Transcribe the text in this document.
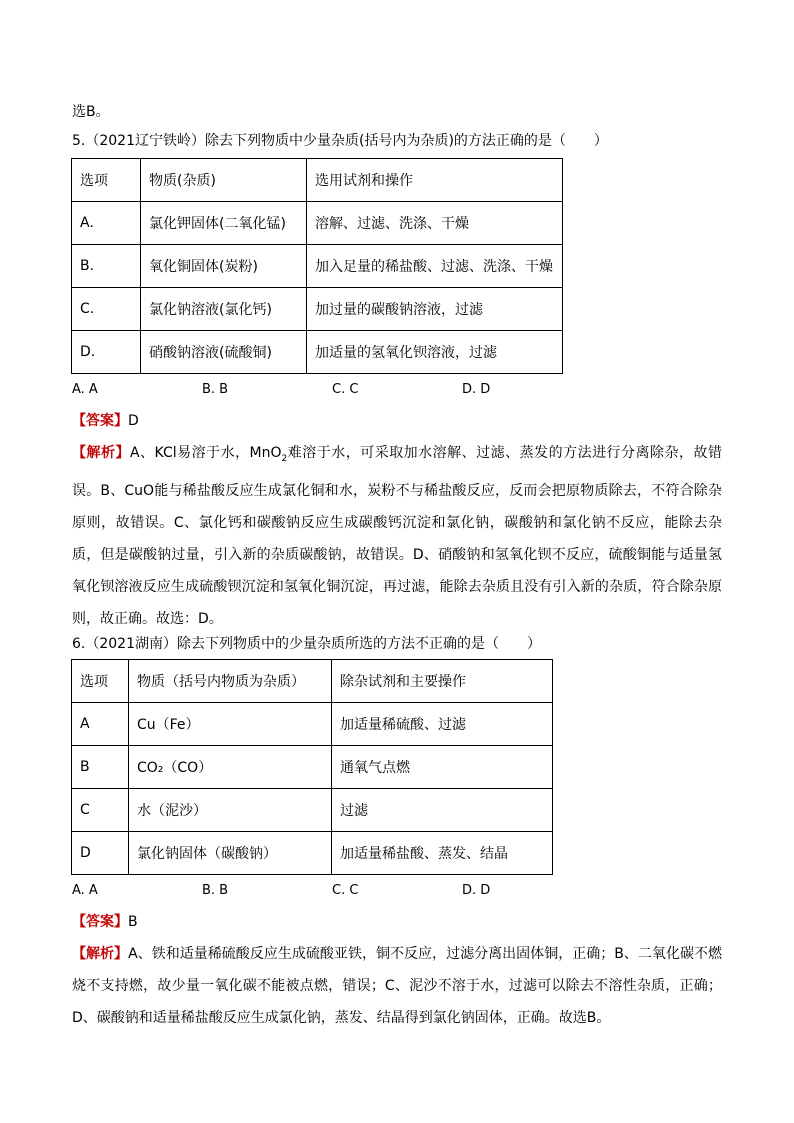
选B。
5.（2021辽宁铁岭）除去下列物质中少量杂质(括号内为杂质)的方法正确的是（　　）
选项	物质(杂质)	选用试剂和操作
A.	氯化钾固体(二氧化锰)	溶解、过滤、洗涤、干燥
B.	氧化铜固体(炭粉)	加入足量的稀盐酸、过滤、洗涤、干燥
C.	氯化钠溶液(氯化钙)	加过量的碳酸钠溶液，过滤
D.	硝酸钠溶液(硫酸铜)	加适量的氢氧化钡溶液，过滤
A. A	B. B	C. C	D. D
【答案】D
【解析】A、KCl易溶于水，MnO$_2$难溶于水，可采取加水溶解、过滤、蒸发的方法进行分离除杂，故错误。B、CuO能与稀盐酸反应生成氯化铜和水，炭粉不与稀盐酸反应，反而会把原物质除去，不符合除杂原则，故错误。C、氯化钙和碳酸钠反应生成碳酸钙沉淀和氯化钠，碳酸钠和氯化钠不反应，能除去杂质，但是碳酸钠过量，引入新的杂质碳酸钠，故错误。D、硝酸钠和氢氧化钡不反应，硫酸铜能与适量氢氧化钡溶液反应生成硫酸钡沉淀和氢氧化铜沉淀，再过滤，能除去杂质且没有引入新的杂质，符合除杂原则，故正确。故选：D。
6.（2021湖南）除去下列物质中的少量杂质所选的方法不正确的是（　　）
选项	物质（括号内物质为杂质）	除杂试剂和主要操作
A	Cu（Fe）	加适量稀硫酸、过滤
B	CO₂（CO）	通氧气点燃
C	水（泥沙）	过滤
D	氯化钠固体（碳酸钠）	加适量稀盐酸、蒸发、结晶
A. A	B. B	C. C	D. D
【答案】B
【解析】A、铁和适量稀硫酸反应生成硫酸亚铁，铜不反应，过滤分离出固体铜，正确；B、二氧化碳不燃烧不支持燃，故少量一氧化碳不能被点燃，错误；C、泥沙不溶于水，过滤可以除去不溶性杂质，正确；D、碳酸钠和适量稀盐酸反应生成氯化钠，蒸发、结晶得到氯化钠固体，正确。故选B。
